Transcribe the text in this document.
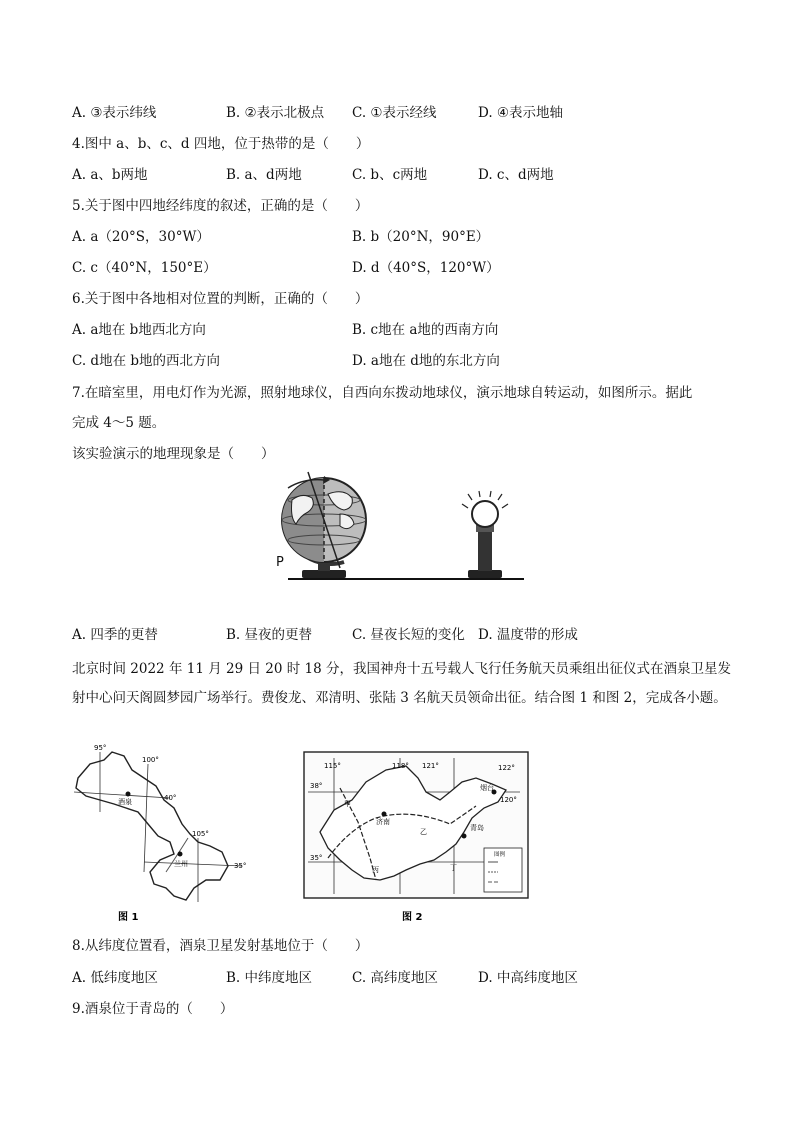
A. ③表示纬线	B. ②表示北极点 C. ①表示经线	D. ④表示地轴
4.图中 a、b、c、d 四地，位于热带的是（　　）
A. a、b两地	B. a、d两地	C. b、c两地	D. c、d两地
5.关于图中四地经纬度的叙述，正确的是（　　）
A. a（20°S，30°W）	B. b（20°N，90°E）
C. c（40°N，150°E）	D. d（40°S，120°W）
6.关于图中各地相对位置的判断，正确的（　　）
A. a地在 b地西北方向	B. c地在 a地的西南方向
C. d地在 b地的西北方向	D. a地在 d地的东北方向
7.在暗室里，用电灯作为光源，照射地球仪，自西向东拨动地球仪，演示地球自转运动，如图所示。据此
完成 4～5 题。
该实验演示的地理现象是（　　）
P
A. 四季的更替	B. 昼夜的更替	C. 昼夜长短的变化 D. 温度带的形成
北京时间 2022 年 11 月 29 日 20 时 18 分，我国神舟十五号载人飞行任务航天员乘组出征仪式在酒泉卫星发
射中心问天阁圆梦园广场举行。费俊龙、邓清明、张陆 3 名航天员领命出征。结合图 1 和图 2，完成各小题。
95°
100°
40°
105°
35°
酒泉
兰州
图 1
图例
115°	118° 121°	122°
38°
35°
济南
青岛
烟台
120°
甲
乙
丙	丁
图 2
8.从纬度位置看，酒泉卫星发射基地位于（　　）
A. 低纬度地区	B. 中纬度地区	C. 高纬度地区	D. 中高纬度地区
9.酒泉位于青岛的（　　）
